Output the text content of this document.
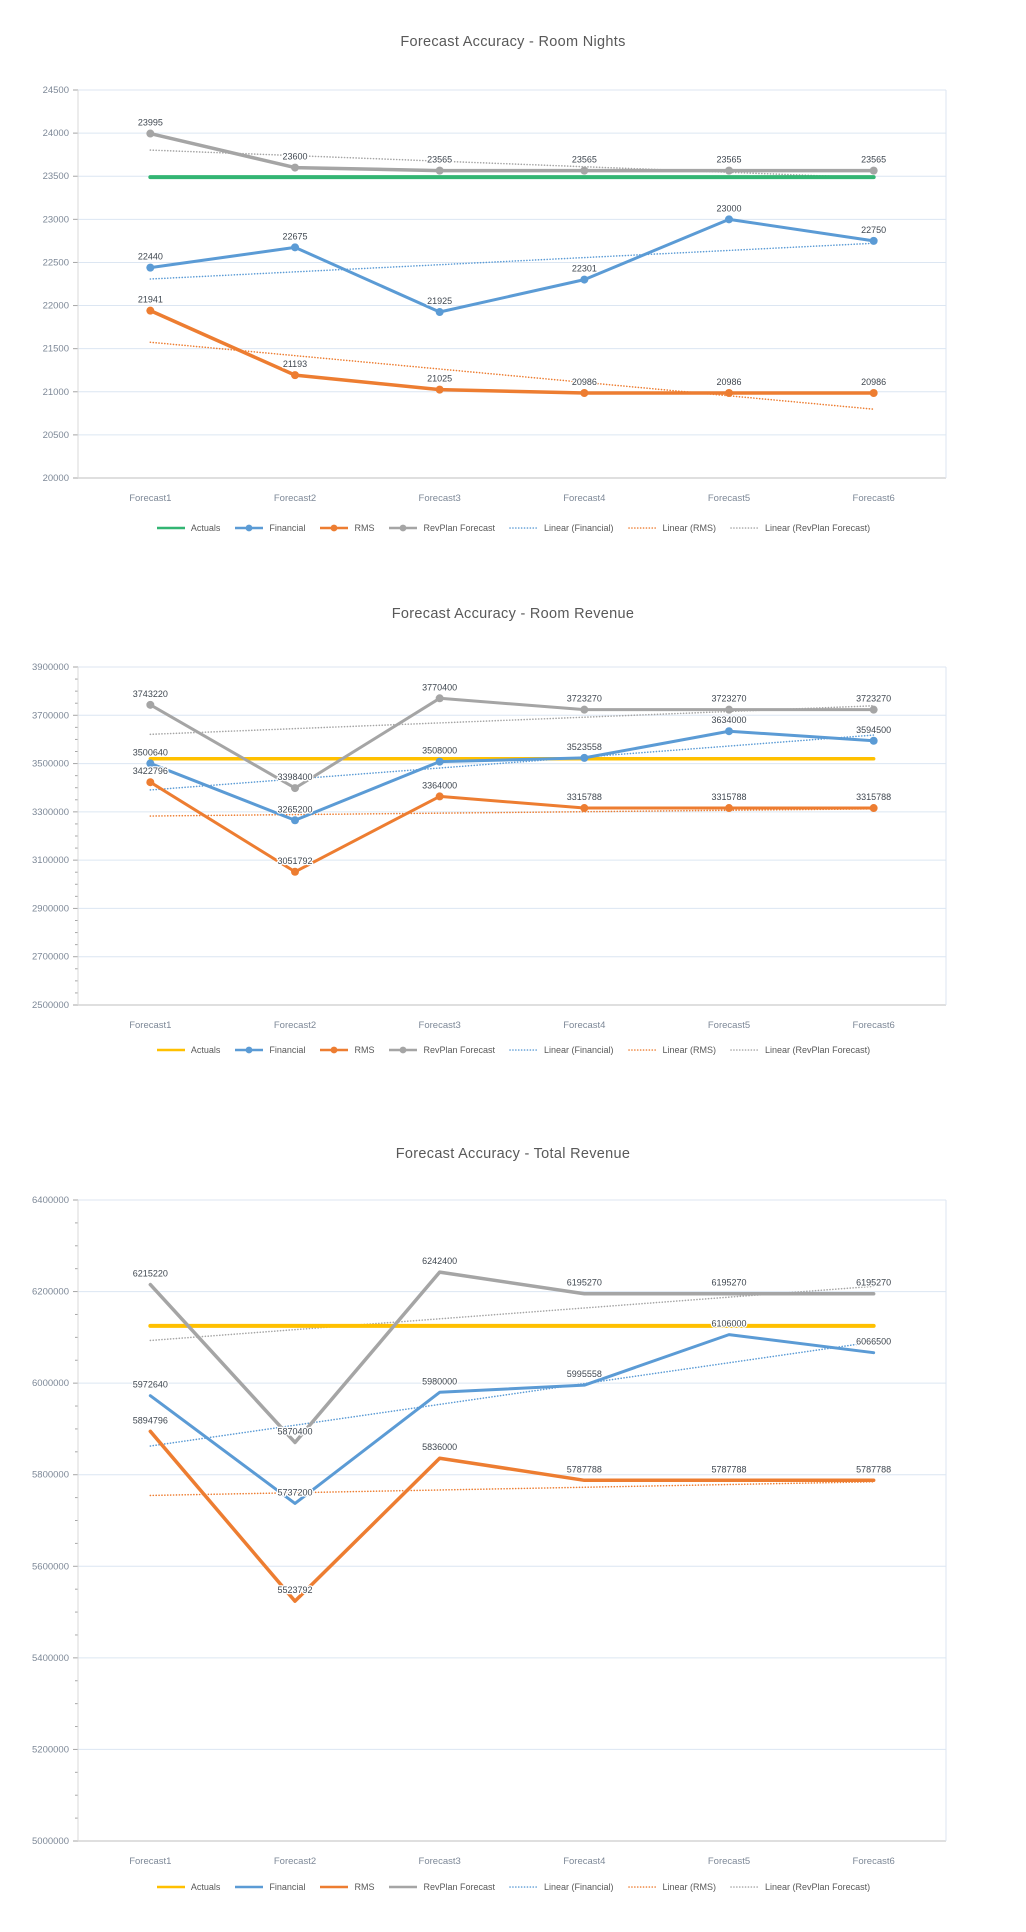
Forecast Accuracy - Room Nights
20000
20500
21000
21500
22000
22500
23000
23500
24000
24500
Forecast1	Forecast2	Forecast3	Forecast4	Forecast5	Forecast6
22440
22675
21925
22301
23000
22750
21941
21193
21025	20986	20986	20986
23995
23600	23565	23565	23565	23565
Actuals	Financial	RMS	RevPlan Forecast	Linear (Financial)	Linear (RMS)	Linear (RevPlan Forecast)
Forecast Accuracy - Room Revenue
2500000
2700000
2900000
3100000
3300000
3500000
3700000
3900000
Forecast1	Forecast2	Forecast3	Forecast4	Forecast5	Forecast6
3500640
3265200
3508000	3523558
3634000
3594500
3422796
3051792
3364000
3315788	3315788	3315788
3743220
3398400
3770400
3723270	3723270	3723270
Actuals	Financial	RMS	RevPlan Forecast	Linear (Financial)	Linear (RMS)	Linear (RevPlan Forecast)
Forecast Accuracy - Total Revenue
5000000
5200000
5400000
5600000
5800000
6000000
6200000
6400000
Forecast1	Forecast2	Forecast3	Forecast4	Forecast5	Forecast6
5972640
5737200
5980000
5995558
6106000
6066500
5894796
5523792
5836000
5787788	5787788	5787788
6215220
5870400
6242400
6195270	6195270	6195270
Actuals	Financial	RMS	RevPlan Forecast	Linear (Financial)	Linear (RMS)	Linear (RevPlan Forecast)
